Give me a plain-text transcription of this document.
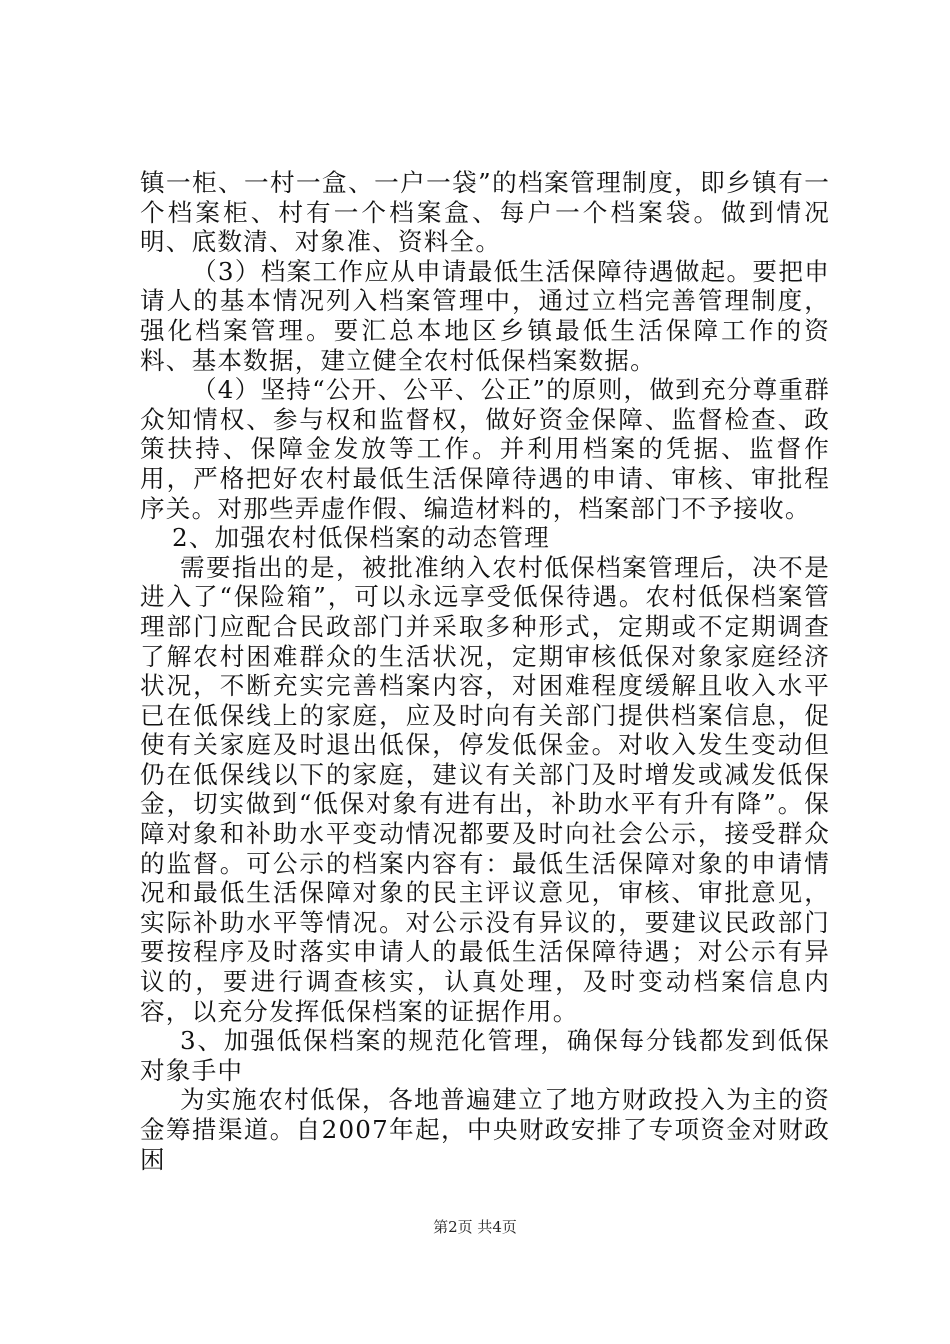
镇一柜、一村一盒、一户一袋”的档案管理制度，即乡镇有一个档案柜、村有一个档案盒、每户一个档案袋。做到情况明、底数清、对象准、资料全。

（3）档案工作应从申请最低生活保障待遇做起。要把申请人的基本情况列入档案管理中，通过立档完善管理制度，强化档案管理。要汇总本地区乡镇最低生活保障工作的资料、基本数据，建立健全农村低保档案数据。

（4）坚持“公开、公平、公正”的原则，做到充分尊重群众知情权、参与权和监督权，做好资金保障、监督检查、政策扶持、保障金发放等工作。并利用档案的凭据、监督作用，严格把好农村最低生活保障待遇的申请、审核、审批程序关。对那些弄虚作假、编造材料的，档案部门不予接收。

2、加强农村低保档案的动态管理

需要指出的是，被批准纳入农村低保档案管理后，决不是进入了“保险箱”，可以永远享受低保待遇。农村低保档案管理部门应配合民政部门并采取多种形式，定期或不定期调查了解农村困难群众的生活状况，定期审核低保对象家庭经济状况，不断充实完善档案内容，对困难程度缓解且收入水平已在低保线上的家庭，应及时向有关部门提供档案信息，促使有关家庭及时退出低保，停发低保金。对收入发生变动但仍在低保线以下的家庭，建议有关部门及时增发或减发低保金，切实做到“低保对象有进有出，补助水平有升有降”。保障对象和补助水平变动情况都要及时向社会公示，接受群众的监督。可公示的档案内容有：最低生活保障对象的申请情况和最低生活保障对象的民主评议意见，审核、审批意见，实际补助水平等情况。对公示没有异议的，要建议民政部门要按程序及时落实申请人的最低生活保障待遇；对公示有异议的，要进行调查核实，认真处理，及时变动档案信息内容，以充分发挥低保档案的证据作用。

3、加强低保档案的规范化管理，确保每分钱都发到低保对象手中

为实施农村低保，各地普遍建立了地方财政投入为主的资金筹措渠道。自2007年起，中央财政安排了专项资金对财政困

第2页 共4页
